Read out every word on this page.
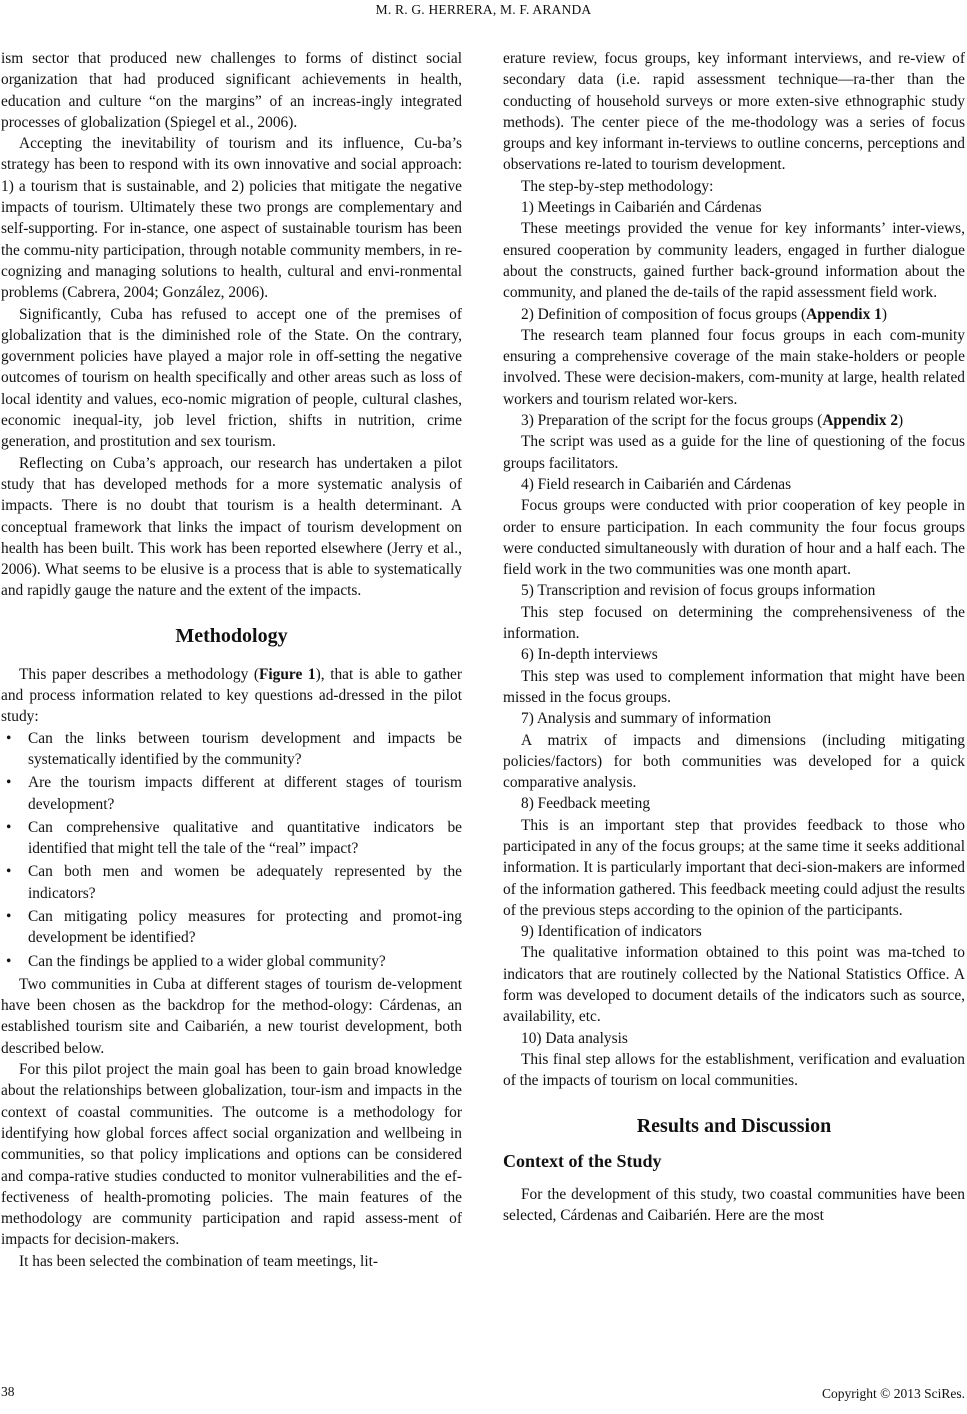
M. R. G. HERRERA, M. F. ARANDA

ism sector that produced new challenges to forms of distinct social organization that had produced significant achievements in health, education and culture “on the margins” of an increas-ingly integrated processes of globalization (Spiegel et al., 2006).

Accepting the inevitability of tourism and its influence, Cu-ba’s strategy has been to respond with its own innovative and social approach: 1) a tourism that is sustainable, and 2) policies that mitigate the negative impacts of tourism. Ultimately these two prongs are complementary and self-supporting. For in-stance, one aspect of sustainable tourism has been the commu-nity participation, through notable community members, in re-cognizing and managing solutions to health, cultural and envi-ronmental problems (Cabrera, 2004; González, 2006).

Significantly, Cuba has refused to accept one of the premises of globalization that is the diminished role of the State. On the contrary, government policies have played a major role in off-setting the negative outcomes of tourism on health specifically and other areas such as loss of local identity and values, eco-nomic migration of people, cultural clashes, economic inequal-ity, job level friction, shifts in nutrition, crime generation, and prostitution and sex tourism.

Reflecting on Cuba’s approach, our research has undertaken a pilot study that has developed methods for a more systematic analysis of impacts. There is no doubt that tourism is a health determinant. A conceptual framework that links the impact of tourism development on health has been built. This work has been reported elsewhere (Jerry et al., 2006). What seems to be elusive is a process that is able to systematically and rapidly gauge the nature and the extent of the impacts.

Methodology

This paper describes a methodology (Figure 1), that is able to gather and process information related to key questions ad-dressed in the pilot study:

• Can the links between tourism development and impacts be systematically identified by the community?
• Are the tourism impacts different at different stages of tourism development?
• Can comprehensive qualitative and quantitative indicators be identified that might tell the tale of the “real” impact?
• Can both men and women be adequately represented by the indicators?
• Can mitigating policy measures for protecting and promot-ing development be identified?
• Can the findings be applied to a wider global community?

Two communities in Cuba at different stages of tourism de-velopment have been chosen as the backdrop for the method-ology: Cárdenas, an established tourism site and Caibarién, a new tourist development, both described below.

For this pilot project the main goal has been to gain broad knowledge about the relationships between globalization, tour-ism and impacts in the context of coastal communities. The outcome is a methodology for identifying how global forces affect social organization and wellbeing in communities, so that policy implications and options can be considered and compa-rative studies conducted to monitor vulnerabilities and the ef-fectiveness of health-promoting policies. The main features of the methodology are community participation and rapid assess-ment of impacts for decision-makers.

It has been selected the combination of team meetings, lit-

erature review, focus groups, key informant interviews, and re-view of secondary data (i.e. rapid assessment technique—ra-ther than the conducting of household surveys or more exten-sive ethnographic study methods). The center piece of the me-thodology was a series of focus groups and key informant in-terviews to outline concerns, perceptions and observations re-lated to tourism development.

The step-by-step methodology:

1) Meetings in Caibarién and Cárdenas

These meetings provided the venue for key informants’ inter-views, ensured cooperation by community leaders, engaged in further dialogue about the constructs, gained further back-ground information about the community, and planed the de-tails of the rapid assessment field work.

2) Definition of composition of focus groups (Appendix 1)

The research team planned four focus groups in each com-munity ensuring a comprehensive coverage of the main stake-holders or people involved. These were decision-makers, com-munity at large, health related workers and tourism related wor-kers.

3) Preparation of the script for the focus groups (Appendix 2)

The script was used as a guide for the line of questioning of the focus groups facilitators.

4) Field research in Caibarién and Cárdenas

Focus groups were conducted with prior cooperation of key people in order to ensure participation. In each community the four focus groups were conducted simultaneously with duration of hour and a half each. The field work in the two communities was one month apart.

5) Transcription and revision of focus groups information

This step focused on determining the comprehensiveness of the information.

6) In-depth interviews

This step was used to complement information that might have been missed in the focus groups.

7) Analysis and summary of information

A matrix of impacts and dimensions (including mitigating policies/factors) for both communities was developed for a quick comparative analysis.

8) Feedback meeting

This is an important step that provides feedback to those who participated in any of the focus groups; at the same time it seeks additional information. It is particularly important that deci-sion-makers are informed of the information gathered. This feedback meeting could adjust the results of the previous steps according to the opinion of the participants.

9) Identification of indicators

The qualitative information obtained to this point was ma-tched to indicators that are routinely collected by the National Statistics Office. A form was developed to document details of the indicators such as source, availability, etc.

10) Data analysis

This final step allows for the establishment, verification and evaluation of the impacts of tourism on local communities.

Results and Discussion
Context of the Study

For the development of this study, two coastal communities have been selected, Cárdenas and Caibarién. Here are the most

38	Copyright © 2013 SciRes.
